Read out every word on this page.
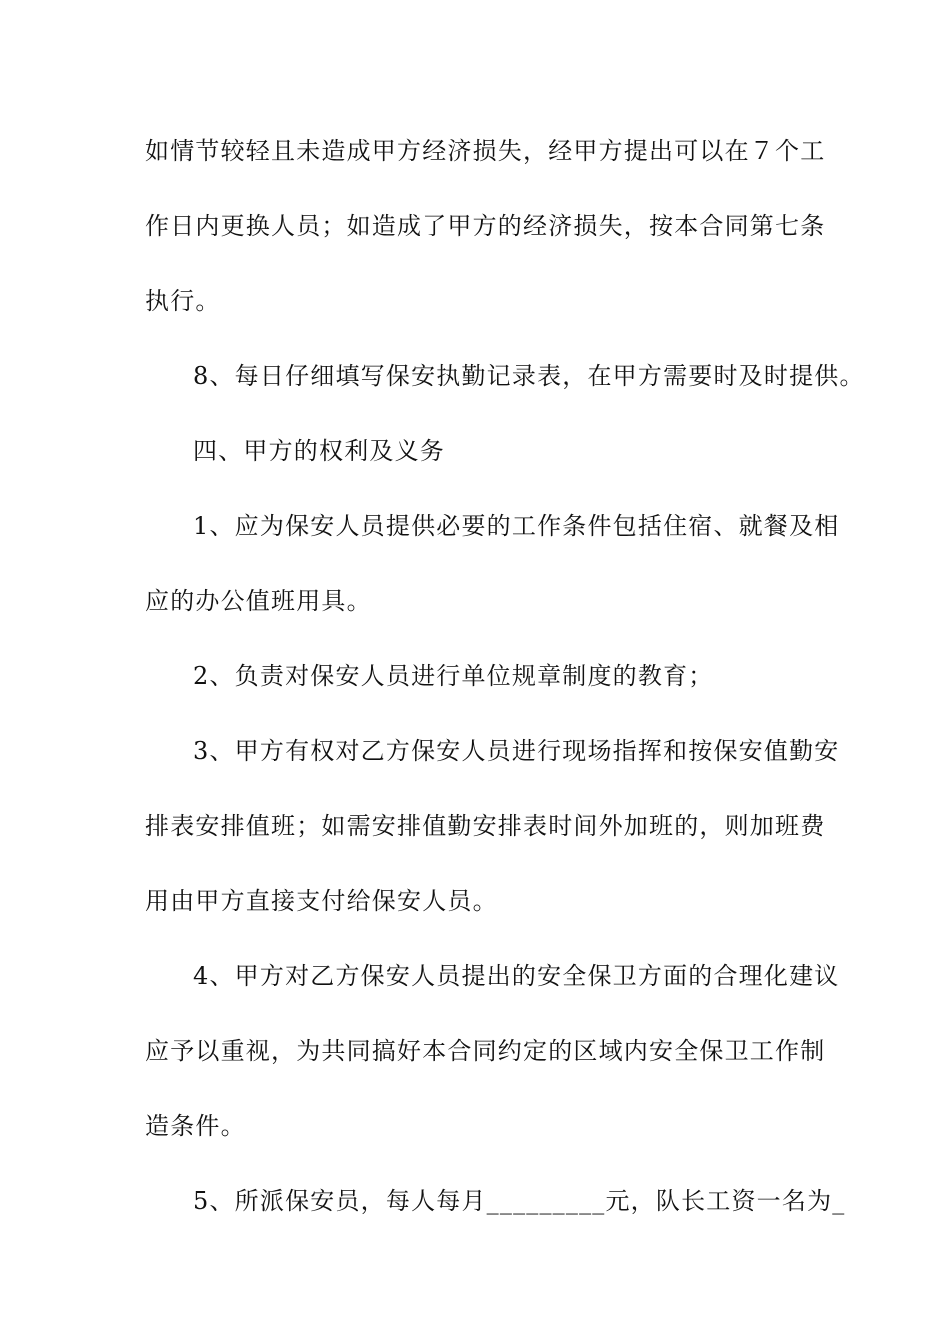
如情节较轻且未造成甲方经济损失，经甲方提出可以在７个工
作日内更换人员；如造成了甲方的经济损失，按本合同第七条
执行。
8、每日仔细填写保安执勤记录表，在甲方需要时及时提供。
四、甲方的权利及义务
1、应为保安人员提供必要的工作条件包括住宿、就餐及相
应的办公值班用具。
2、负责对保安人员进行单位规章制度的教育；
3、甲方有权对乙方保安人员进行现场指挥和按保安值勤安
排表安排值班；如需安排值勤安排表时间外加班的，则加班费
用由甲方直接支付给保安人员。
4、甲方对乙方保安人员提出的安全保卫方面的合理化建议
应予以重视，为共同搞好本合同约定的区域内安全保卫工作制
造条件。
5、所派保安员，每人每月_________元，队长工资一名为_
